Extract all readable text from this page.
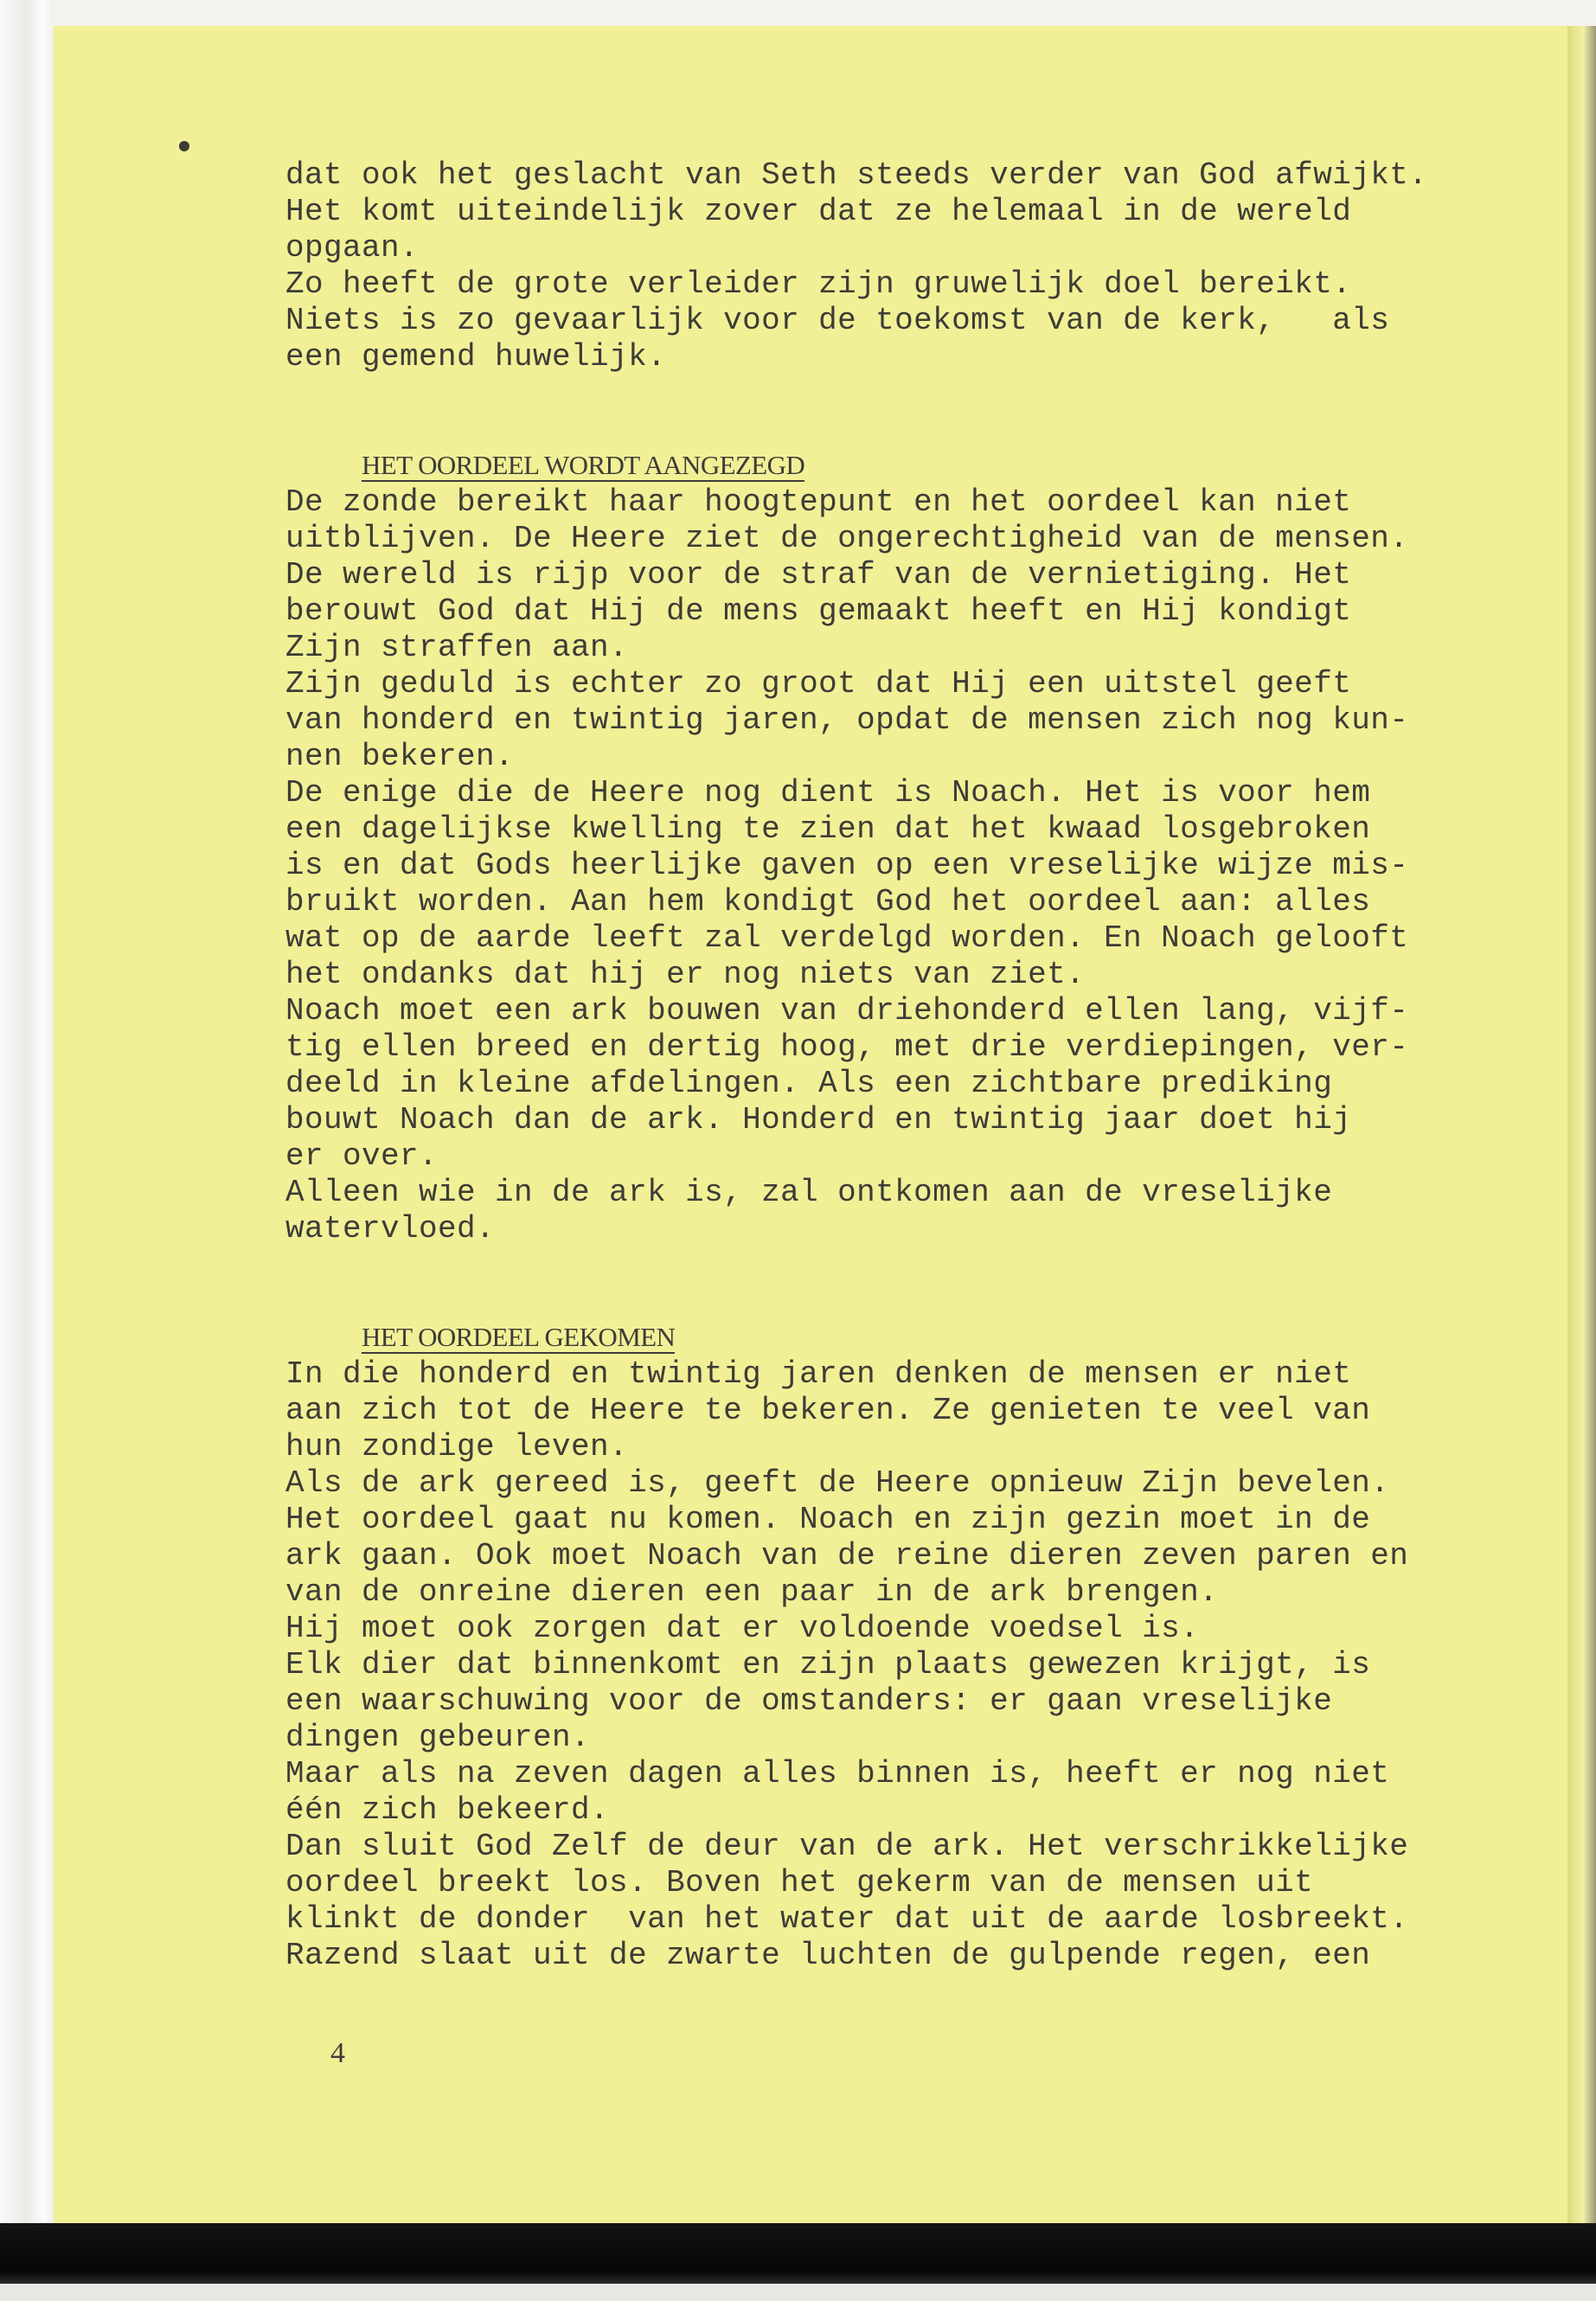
dat ook het geslacht van Seth steeds verder van God afwijkt.
Het komt uiteindelijk zover dat ze helemaal in de wereld
opgaan.
Zo heeft de grote verleider zijn gruwelijk doel bereikt.
Niets is zo gevaarlijk voor de toekomst van de kerk,   als
een gemend huwelijk.

HET OORDEEL WORDT AANGEZEGD

De zonde bereikt haar hoogtepunt en het oordeel kan niet
uitblijven. De Heere ziet de ongerechtigheid van de mensen.
De wereld is rijp voor de straf van de vernietiging. Het
berouwt God dat Hij de mens gemaakt heeft en Hij kondigt
Zijn straffen aan.
Zijn geduld is echter zo groot dat Hij een uitstel geeft
van honderd en twintig jaren, opdat de mensen zich nog kun-
nen bekeren.
De enige die de Heere nog dient is Noach. Het is voor hem
een dagelijkse kwelling te zien dat het kwaad losgebroken
is en dat Gods heerlijke gaven op een vreselijke wijze mis-
bruikt worden. Aan hem kondigt God het oordeel aan: alles
wat op de aarde leeft zal verdelgd worden. En Noach gelooft
het ondanks dat hij er nog niets van ziet.
Noach moet een ark bouwen van driehonderd ellen lang, vijf-
tig ellen breed en dertig hoog, met drie verdiepingen, ver-
deeld in kleine afdelingen. Als een zichtbare prediking
bouwt Noach dan de ark. Honderd en twintig jaar doet hij
er over.
Alleen wie in de ark is, zal ontkomen aan de vreselijke
watervloed.

HET OORDEEL GEKOMEN

In die honderd en twintig jaren denken de mensen er niet
aan zich tot de Heere te bekeren. Ze genieten te veel van
hun zondige leven.
Als de ark gereed is, geeft de Heere opnieuw Zijn bevelen.
Het oordeel gaat nu komen. Noach en zijn gezin moet in de
ark gaan. Ook moet Noach van de reine dieren zeven paren en
van de onreine dieren een paar in de ark brengen.
Hij moet ook zorgen dat er voldoende voedsel is.
Elk dier dat binnenkomt en zijn plaats gewezen krijgt, is
een waarschuwing voor de omstanders: er gaan vreselijke
dingen gebeuren.
Maar als na zeven dagen alles binnen is, heeft er nog niet
één zich bekeerd.
Dan sluit God Zelf de deur van de ark. Het verschrikkelijke
oordeel breekt los. Boven het gekerm van de mensen uit
klinkt de donder  van het water dat uit de aarde losbreekt.
Razend slaat uit de zwarte luchten de gulpende regen, een
4
